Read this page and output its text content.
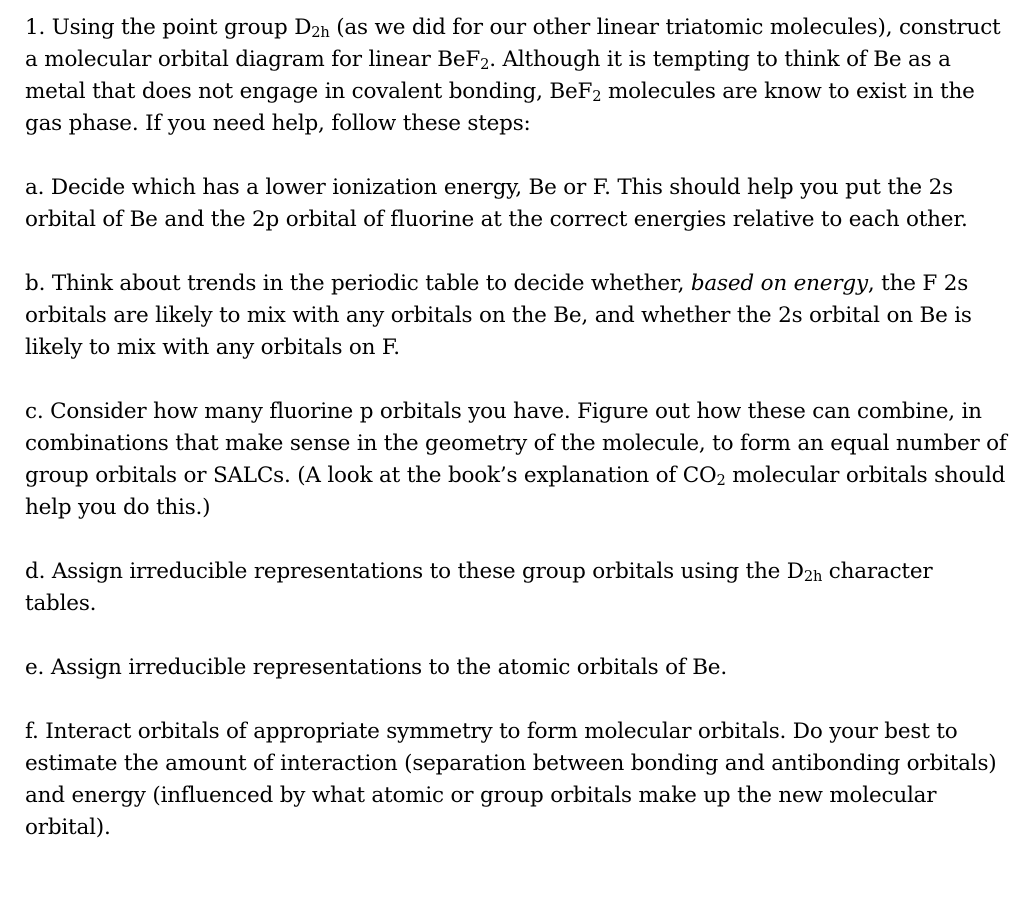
1. Using the point group D2h (as we did for our other linear triatomic molecules), construct a molecular orbital diagram for linear BeF2. Although it is tempting to think of Be as a metal that does not engage in covalent bonding, BeF2 molecules are know to exist in the gas phase. If you need help, follow these steps:

a. Decide which has a lower ionization energy, Be or F. This should help you put the 2s orbital of Be and the 2p orbital of fluorine at the correct energies relative to each other.

b. Think about trends in the periodic table to decide whether, based on energy, the F 2s orbitals are likely to mix with any orbitals on the Be, and whether the 2s orbital on Be is likely to mix with any orbitals on F.

c. Consider how many fluorine p orbitals you have. Figure out how these can combine, in combinations that make sense in the geometry of the molecule, to form an equal number of group orbitals or SALCs. (A look at the book’s explanation of CO2 molecular orbitals should help you do this.)

d. Assign irreducible representations to these group orbitals using the D2h character tables.

e. Assign irreducible representations to the atomic orbitals of Be.

f. Interact orbitals of appropriate symmetry to form molecular orbitals. Do your best to estimate the amount of interaction (separation between bonding and antibonding orbitals) and energy (influenced by what atomic or group orbitals make up the new molecular orbital).
